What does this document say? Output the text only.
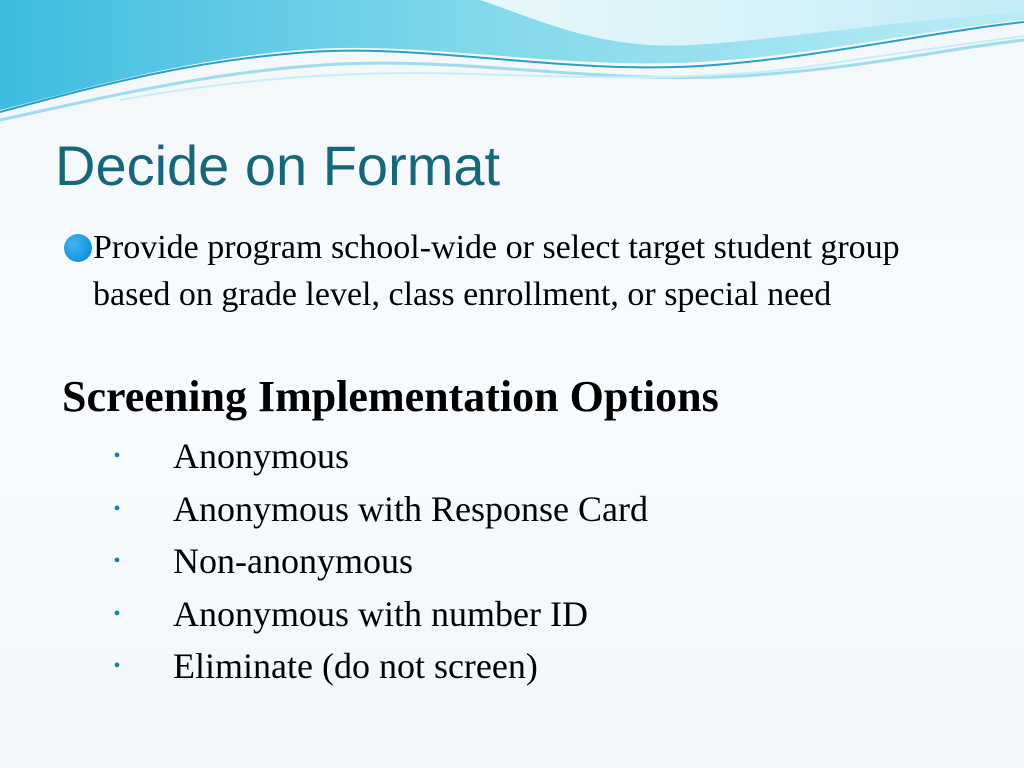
Decide on Format
Provide program school-wide or select target student group based on grade level, class enrollment, or special need
Screening Implementation Options
• Anonymous
• Anonymous with Response Card
• Non-anonymous
• Anonymous with number ID
• Eliminate (do not screen)
